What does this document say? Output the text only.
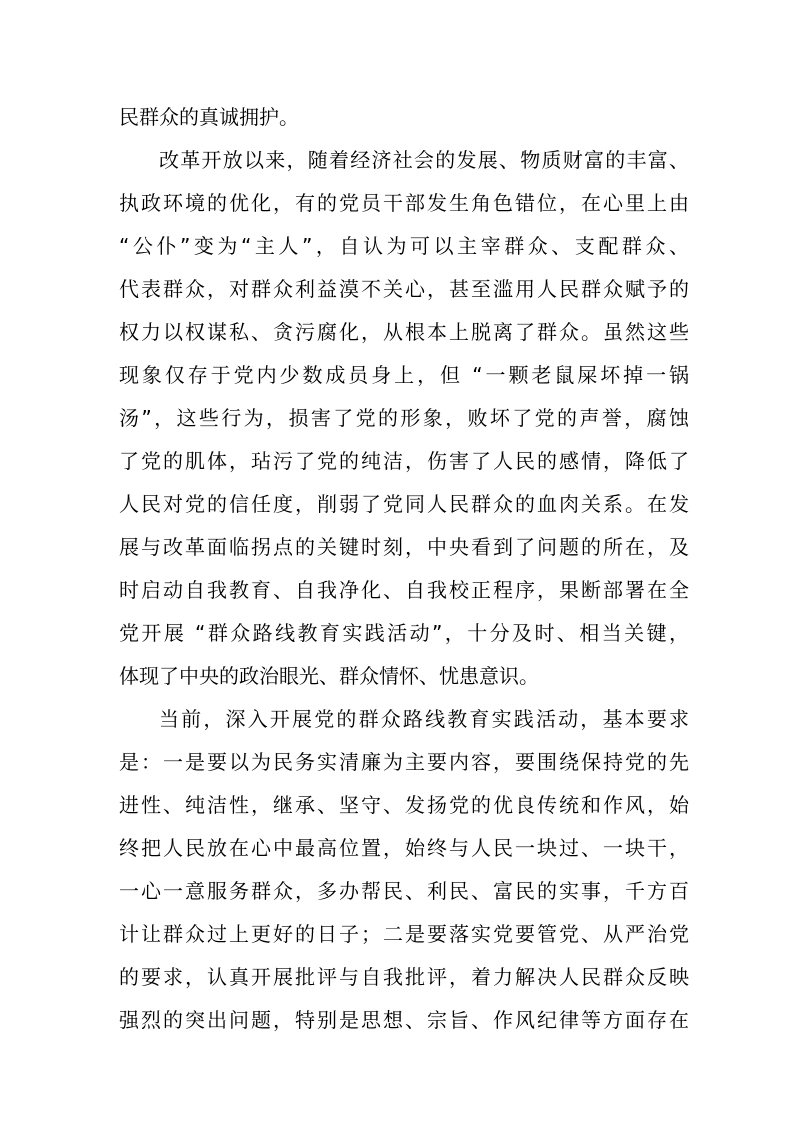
民群众的真诚拥护。
改革开放以来，随着经济社会的发展、物质财富的丰富、
执政环境的优化，有的党员干部发生角色错位，在心里上由
“公仆”变为“主人”，自认为可以主宰群众、支配群众、
代表群众，对群众利益漠不关心，甚至滥用人民群众赋予的
权力以权谋私、贪污腐化，从根本上脱离了群众。虽然这些
现象仅存于党内少数成员身上，但 “一颗老鼠屎坏掉一锅
汤”，这些行为，损害了党的形象，败坏了党的声誉，腐蚀
了党的肌体，玷污了党的纯洁，伤害了人民的感情，降低了
人民对党的信任度，削弱了党同人民群众的血肉关系。在发
展与改革面临拐点的关键时刻，中央看到了问题的所在，及
时启动自我教育、自我净化、自我校正程序，果断部署在全
党开展 “群众路线教育实践活动”，十分及时、相当关键，
体现了中央的政治眼光、群众情怀、忧患意识。
当前，深入开展党的群众路线教育实践活动，基本要求
是：一是要以为民务实清廉为主要内容，要围绕保持党的先
进性、纯洁性，继承、坚守、发扬党的优良传统和作风，始
终把人民放在心中最高位置，始终与人民一块过、一块干，
一心一意服务群众，多办帮民、利民、富民的实事，千方百
计让群众过上更好的日子；二是要落实党要管党、从严治党
的要求，认真开展批评与自我批评，着力解决人民群众反映
强烈的突出问题，特别是思想、宗旨、作风纪律等方面存在
